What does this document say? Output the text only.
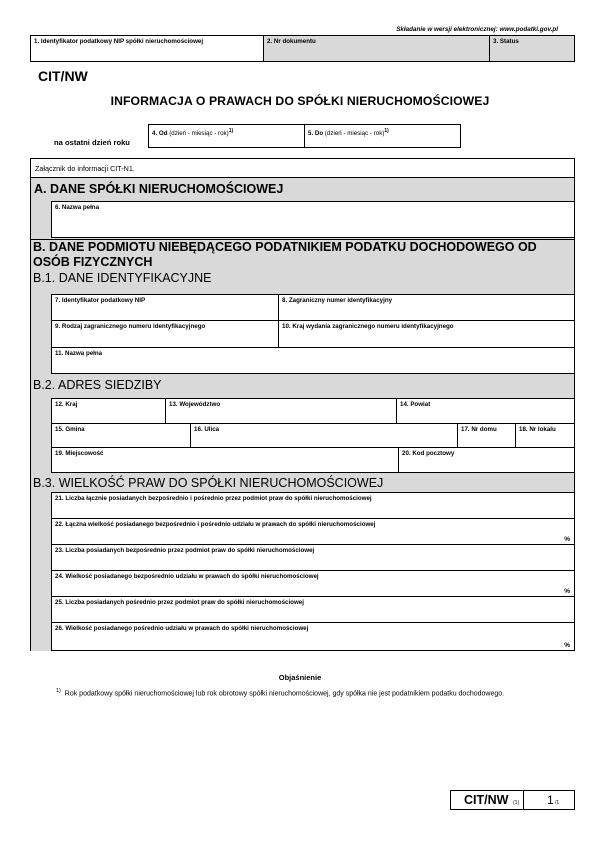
Składanie w wersji elektronicznej: www.podatki.gov.pl
1. Identyfikator podatkowy NIP spółki nieruchomościowej	2. Nr dokumentu	3. Status
CIT/NW
INFORMACJA O PRAWACH DO SPÓŁKI NIERUCHOMOŚCIOWEJ
na ostatni dzień roku
4. Od (dzień - miesiąc - rok)$^{1)}$	5. Do (dzień - miesiąc - rok)$^{1)}$
Załącznik do informacji CIT-N1.
A. DANE SPÓŁKI NIERUCHOMOŚCIOWEJ
6. Nazwa pełna
B. DANE PODMIOTU NIEBĘDĄCEGO PODATNIKIEM PODATKU DOCHODOWEGO OD OSÓB FIZYCZNYCH
B.1. DANE IDENTYFIKACYJNE
7. Identyfikator podatkowy NIP	8. Zagraniczny numer identyfikacyjny
9. Rodzaj zagranicznego numeru identyfikacyjnego	10. Kraj wydania zagranicznego numeru identyfikacyjnego
11. Nazwa pełna
B.2. ADRES SIEDZIBY
12. Kraj	13. Województwo	14. Powiat
15. Gmina	16. Ulica	17. Nr domu	18. Nr lokalu
19. Miejscowość	20. Kod pocztowy
B.3. WIELKOŚĆ PRAW DO SPÓŁKI NIERUCHOMOŚCIOWEJ
21. Liczba łącznie posiadanych bezpośrednio i pośrednio przez podmiot praw do spółki nieruchomościowej
22. Łączna wielkość posiadanego bezpośrednio i pośrednio udziału w prawach do spółki nieruchomościowej
%
23. Liczba posiadanych bezpośrednio przez podmiot praw do spółki nieruchomościowej
24. Wielkość posiadanego bezpośrednio udziału w prawach do spółki nieruchomościowej
%
25. Liczba posiadanych pośrednio przez podmiot praw do spółki nieruchomościowej
26. Wielkość posiadanego pośrednio udziału w prawach do spółki nieruchomościowej
%
Objaśnienie
$^{1)}$ Rok podatkowy spółki nieruchomościowej lub rok obrotowy spółki nieruchomościowej, gdy spółka nie jest podatnikiem podatku dochodowego.
CIT/NW (1) 1 /1
